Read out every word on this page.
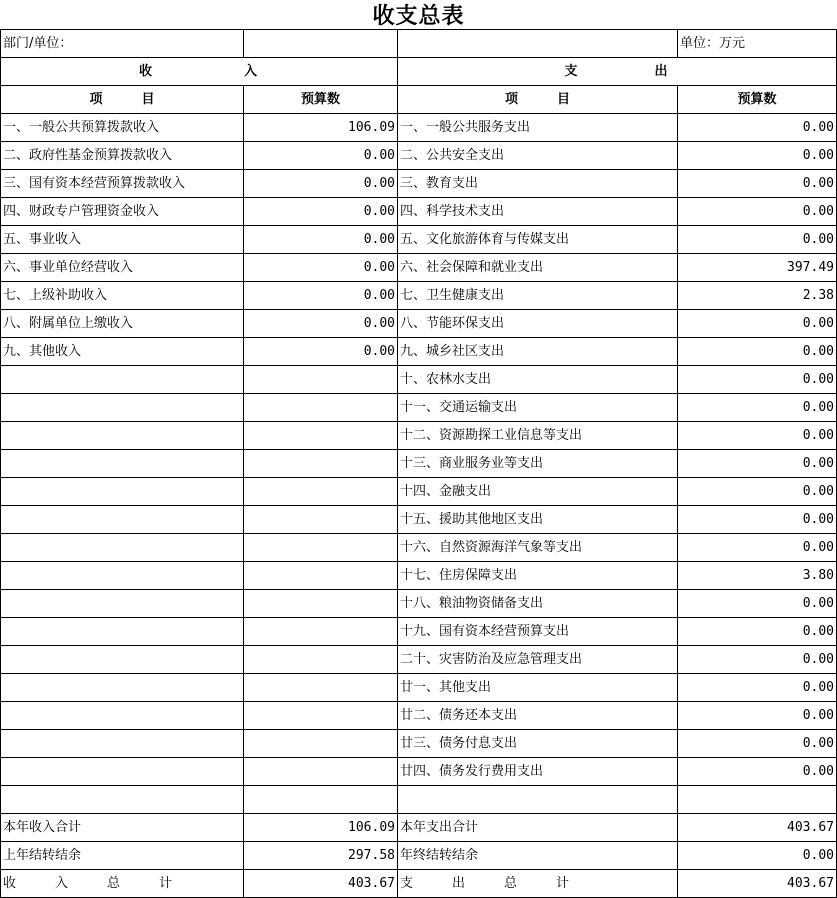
收支总表
部门/单位：			单位：万元
收　　　　　　入		支　　　　　出	
项　　　目	预算数	项　　　目	预算数
一、一般公共预算拨款收入	106.09	一、一般公共服务支出	0.00
二、政府性基金预算拨款收入	0.00	二、公共安全支出	0.00
三、国有资本经营预算拨款收入	0.00	三、教育支出	0.00
四、财政专户管理资金收入	0.00	四、科学技术支出	0.00
五、事业收入	0.00	五、文化旅游体育与传媒支出	0.00
六、事业单位经营收入	0.00	六、社会保障和就业支出	397.49
七、上级补助收入	0.00	七、卫生健康支出	2.38
八、附属单位上缴收入	0.00	八、节能环保支出	0.00
九、其他收入	0.00	九、城乡社区支出	0.00
		十、农林水支出	0.00
		十一、交通运输支出	0.00
		十二、资源勘探工业信息等支出	0.00
		十三、商业服务业等支出	0.00
		十四、金融支出	0.00
		十五、援助其他地区支出	0.00
		十六、自然资源海洋气象等支出	0.00
		十七、住房保障支出	3.80
		十八、粮油物资储备支出	0.00
		十九、国有资本经营预算支出	0.00
		二十、灾害防治及应急管理支出	0.00
		廿一、其他支出	0.00
		廿二、债务还本支出	0.00
		廿三、债务付息支出	0.00
		廿四、债务发行费用支出	0.00

本年收入合计	106.09	本年支出合计	403.67
上年结转结余	297.58	年终结转结余	0.00
收　　　入　　　总　　　计	403.67	支　　　出　　　总　　　计	403.67
